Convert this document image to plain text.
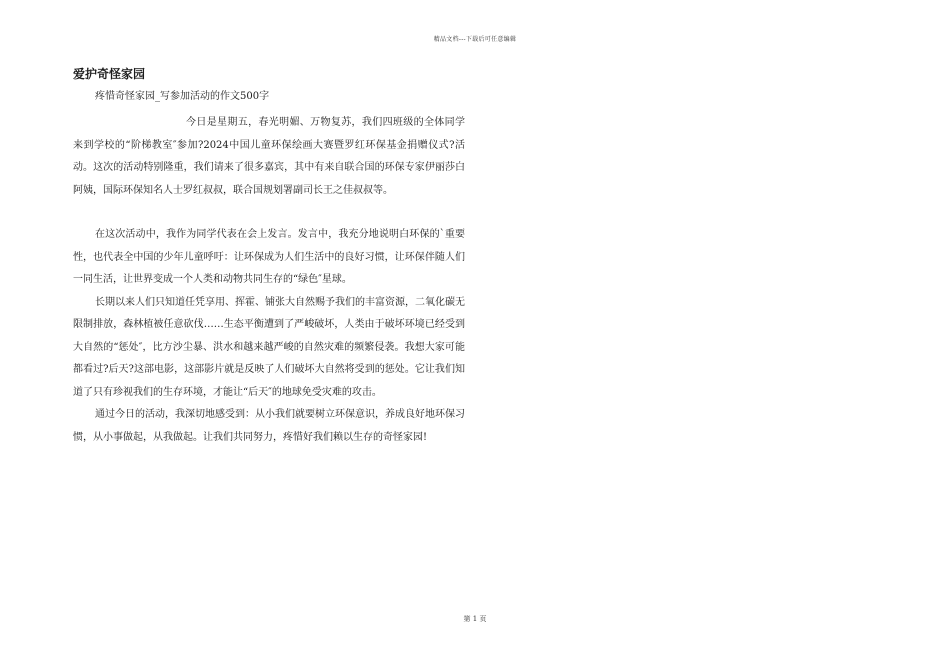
精品文档---下载后可任意编辑
爱护奇怪家园
疼惜奇怪家园_写参加活动的作文500字

今日是星期五，春光明媚、万物复苏，我们四班级的全体同学来到学校的“阶梯教室″参加?2024中国儿童环保绘画大赛暨罗红环保基金捐赠仪式?活动。这次的活动特别隆重，我们请来了很多嘉宾，其中有来自联合国的环保专家伊丽莎白阿姨，国际环保知名人士罗红叔叔，联合国规划署副司长王之佳叔叔等。

在这次活动中，我作为同学代表在会上发言。发言中，我充分地说明白环保的`重要性，也代表全中国的少年儿童呼吁：让环保成为人们生活中的良好习惯，让环保伴随人们一同生活，让世界变成一个人类和动物共同生存的“绿色″星球。

长期以来人们只知道任凭享用、挥霍、铺张大自然赐予我们的丰富资源，二氧化碳无限制排放，森林植被任意砍伐……生态平衡遭到了严峻破坏，人类由于破坏环境已经受到大自然的“惩处″，比方沙尘暴、洪水和越来越严峻的自然灾难的频繁侵袭。我想大家可能都看过?后天?这部电影，这部影片就是反映了人们破坏大自然将受到的惩处。它让我们知道了只有珍视我们的生存环境，才能让“后天″的地球免受灾难的攻击。

通过今日的活动，我深切地感受到：从小我们就要树立环保意识，养成良好地环保习惯，从小事做起，从我做起。让我们共同努力，疼惜好我们赖以生存的奇怪家园!

第 1 页
